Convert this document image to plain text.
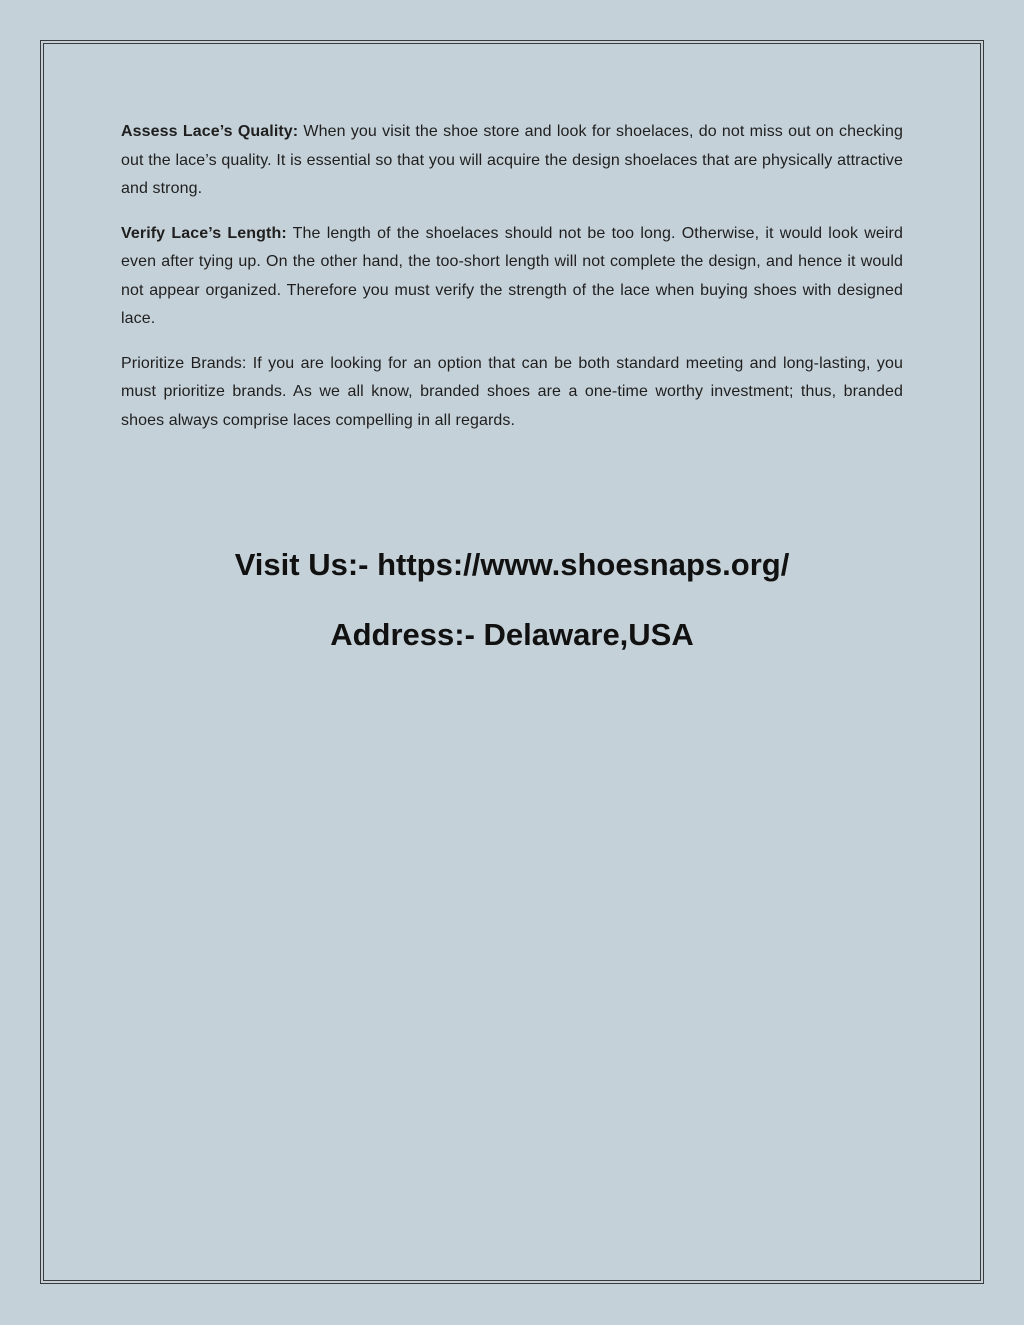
Assess Lace’s Quality: When you visit the shoe store and look for shoelaces, do not miss out on checking out the lace’s quality. It is essential so that you will acquire the design shoelaces that are physically attractive and strong.

Verify Lace’s Length: The length of the shoelaces should not be too long. Otherwise, it would look weird even after tying up. On the other hand, the too-short length will not complete the design, and hence it would not appear organized. Therefore you must verify the strength of the lace when buying shoes with designed lace.

Prioritize Brands: If you are looking for an option that can be both standard meeting and long-lasting, you must prioritize brands. As we all know, branded shoes are a one-time worthy investment; thus, branded shoes always comprise laces compelling in all regards.

Visit Us:- https://www.shoesnaps.org/
Address:- Delaware,USA
